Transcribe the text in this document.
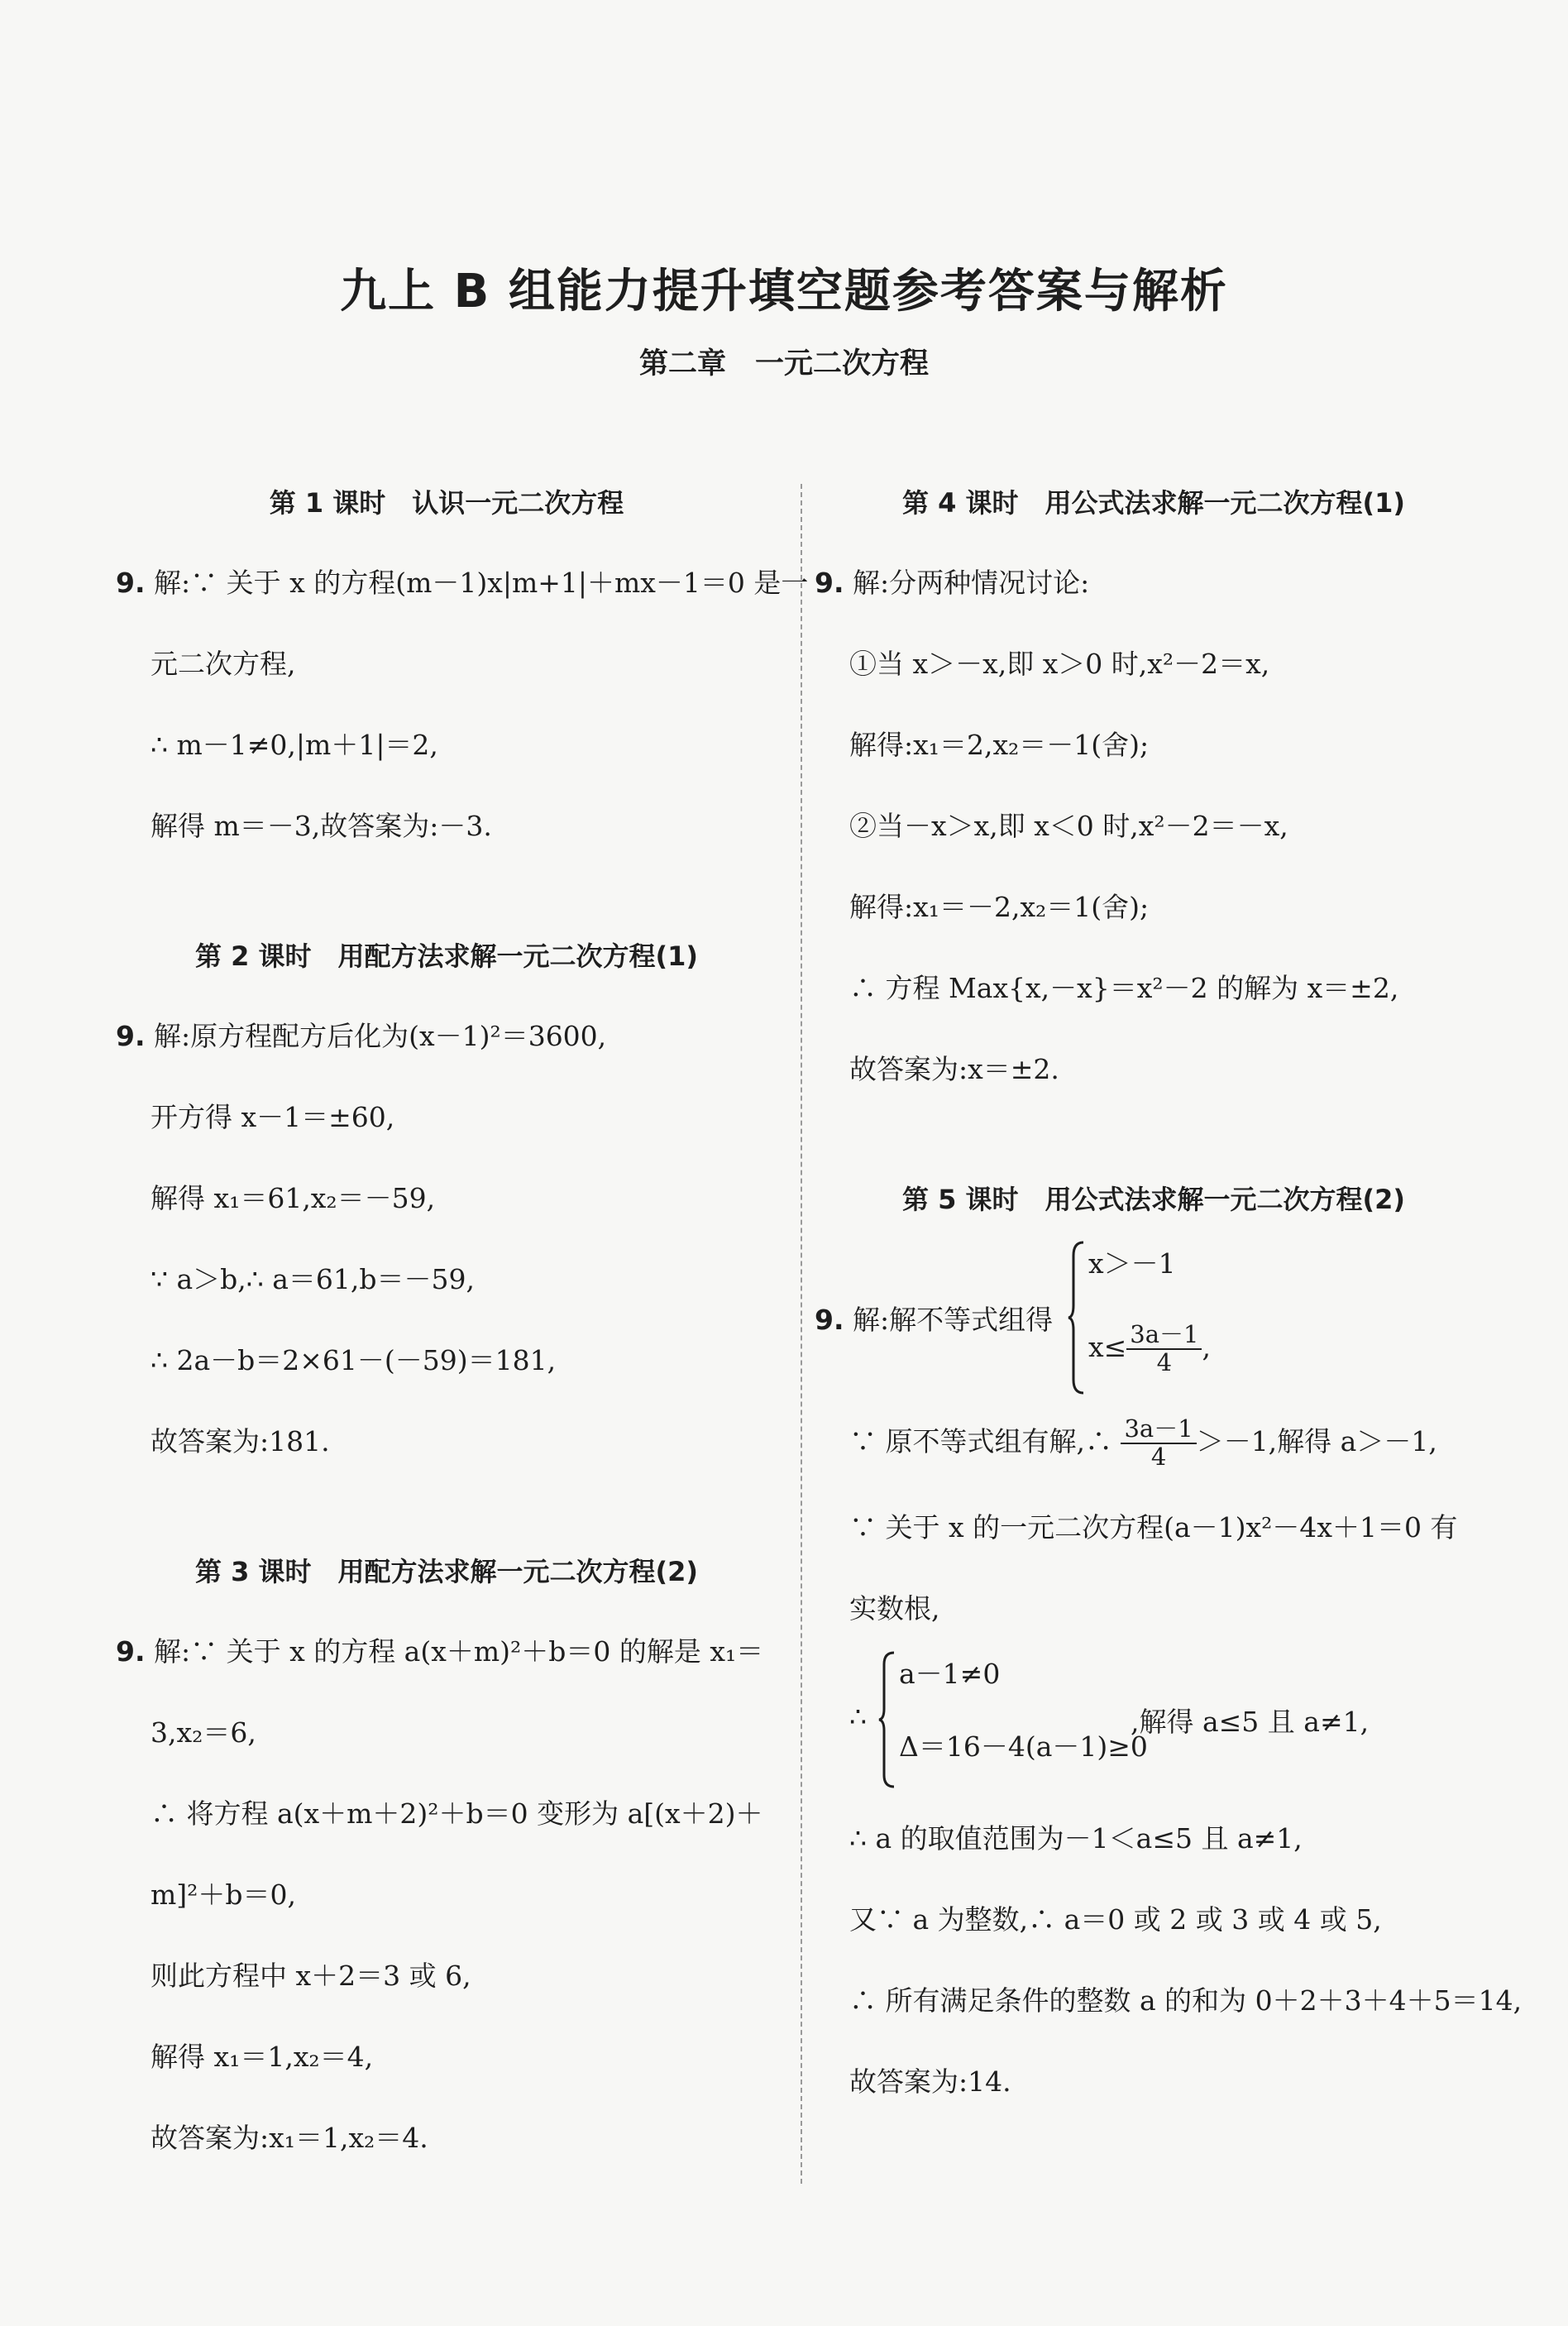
九上 B 组能力提升填空题参考答案与解析
第二章　一元二次方程
第 1 课时　认识一元二次方程
9. 解:∵ 关于 x 的方程(m－1)x|m+1|＋mx－1＝0 是一
元二次方程,
∴ m－1≠0,|m＋1|＝2,
解得 m＝－3,故答案为:－3.
第 2 课时　用配方法求解一元二次方程(1)
9. 解:原方程配方后化为(x－1)²＝3600,
开方得 x－1＝±60,
解得 x₁＝61,x₂＝－59,
∵ a＞b,∴ a＝61,b＝－59,
∴ 2a－b＝2×61－(－59)＝181,
故答案为:181.
第 3 课时　用配方法求解一元二次方程(2)
9. 解:∵ 关于 x 的方程 a(x＋m)²＋b＝0 的解是 x₁＝
3,x₂＝6,
∴ 将方程 a(x＋m＋2)²＋b＝0 变形为 a[(x＋2)＋
m]²＋b＝0,
则此方程中 x＋2＝3 或 6,
解得 x₁＝1,x₂＝4,
故答案为:x₁＝1,x₂＝4.
第 4 课时　用公式法求解一元二次方程(1)
9. 解:分两种情况讨论:
①当 x＞－x,即 x＞0 时,x²－2＝x,
解得:x₁＝2,x₂＝－1(舍);
②当－x＞x,即 x＜0 时,x²－2＝－x,
解得:x₁＝－2,x₂＝1(舍);
∴ 方程 Max{x,－x}＝x²－2 的解为 x＝±2,
故答案为:x＝±2.
第 5 课时　用公式法求解一元二次方程(2)
9. 解:解不等式组得
x＞－1
$x\le \frac{3a-1}{4}$ ,
∵ 原不等式组有解,∴ $\frac{3a-1}{4} >-1$,解得 a＞－1,
∵ 关于 x 的一元二次方程(a－1)x²－4x＋1＝0 有
实数根,
∴
a－1≠0
Δ＝16－4(a－1)≥0
,解得 a≤5 且 a≠1,
∴ a 的取值范围为－1＜a≤5 且 a≠1,
又∵ a 为整数,∴ a＝0 或 2 或 3 或 4 或 5,
∴ 所有满足条件的整数 a 的和为 0＋2＋3＋4＋5＝14,
故答案为:14.
